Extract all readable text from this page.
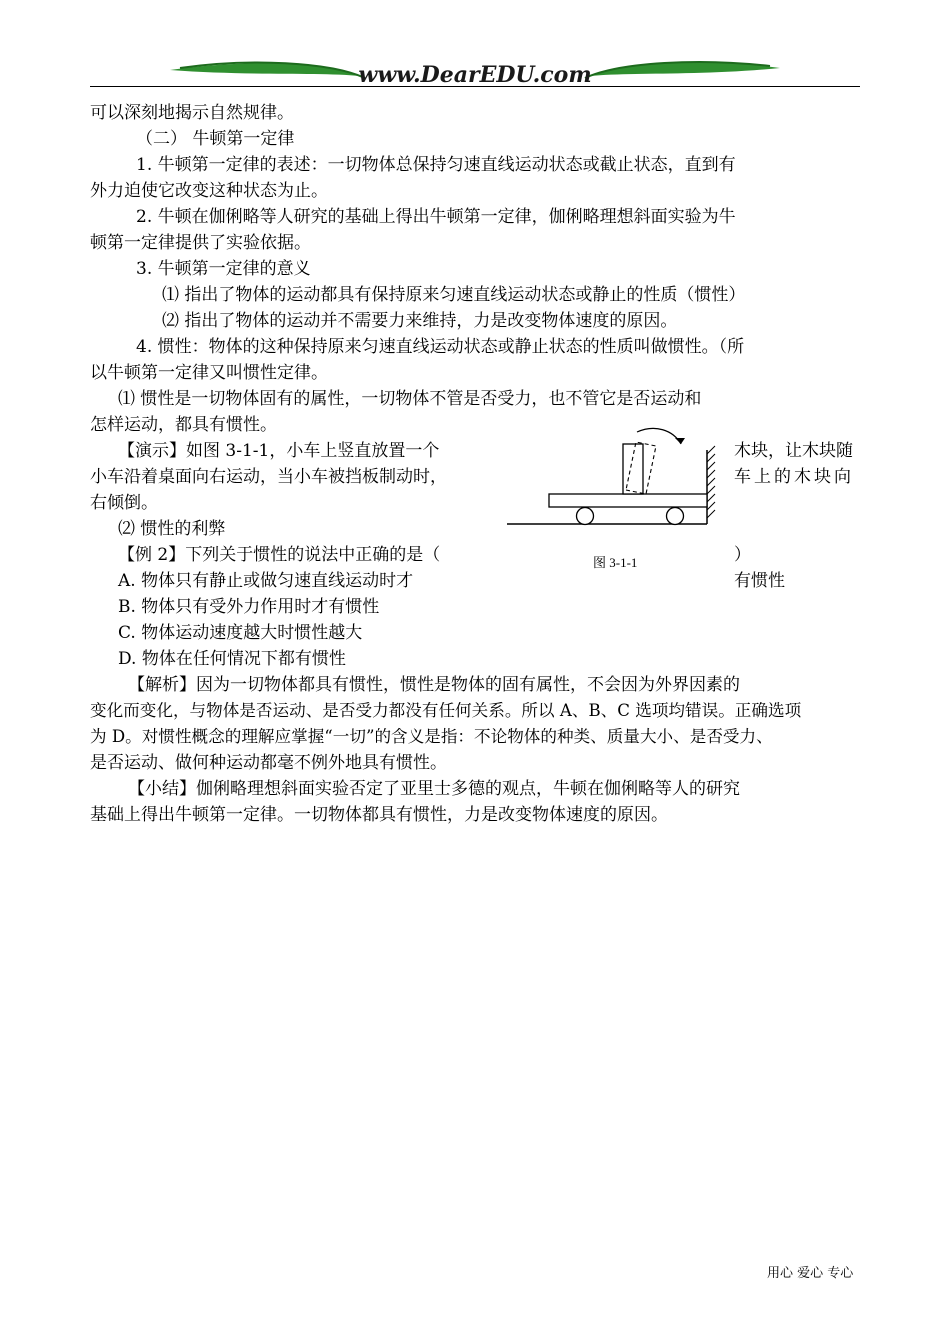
www.DearEDU.com
可以深刻地揭示自然规律。
（二） 牛顿第一定律
1. 牛顿第一定律的表述：一切物体总保持匀速直线运动状态或截止状态，直到有
外力迫使它改变这种状态为止。
2. 牛顿在伽俐略等人研究的基础上得出牛顿第一定律，伽俐略理想斜面实验为牛
顿第一定律提供了实验依据。
3. 牛顿第一定律的意义
⑴ 指出了物体的运动都具有保持原来匀速直线运动状态或静止的性质（惯性）
⑵ 指出了物体的运动并不需要力来维持，力是改变物体速度的原因。
4. 惯性：物体的这种保持原来匀速直线运动状态或静止状态的性质叫做惯性。（所
以牛顿第一定律又叫惯性定律。
⑴ 惯性是一切物体固有的属性，一切物体不管是否受力，也不管它是否运动和
怎样运动，都具有惯性。
【演示】如图 3-1-1，小车上竖直放置一个	木块，让木块随
小车沿着桌面向右运动，当小车被挡板制动时，	车上的木块向
右倾倒。
⑵ 惯性的利弊
【例 2】下列关于惯性的说法中正确的是（	）
A. 物体只有静止或做匀速直线运动时才	有惯性
B. 物体只有受外力作用时才有惯性
C. 物体运动速度越大时惯性越大
D. 物体在任何情况下都有惯性
【解析】因为一切物体都具有惯性，惯性是物体的固有属性，不会因为外界因素的
变化而变化，与物体是否运动、是否受力都没有任何关系。所以 A、B、C 选项均错误。正确选项
为 D。对惯性概念的理解应掌握“一切”的含义是指：不论物体的种类、质量大小、是否受力、
是否运动、做何种运动都毫不例外地具有惯性。
【小结】伽俐略理想斜面实验否定了亚里士多德的观点，牛顿在伽俐略等人的研究
基础上得出牛顿第一定律。一切物体都具有惯性，力是改变物体速度的原因。
图 3-1-1
用心 爱心 专心
